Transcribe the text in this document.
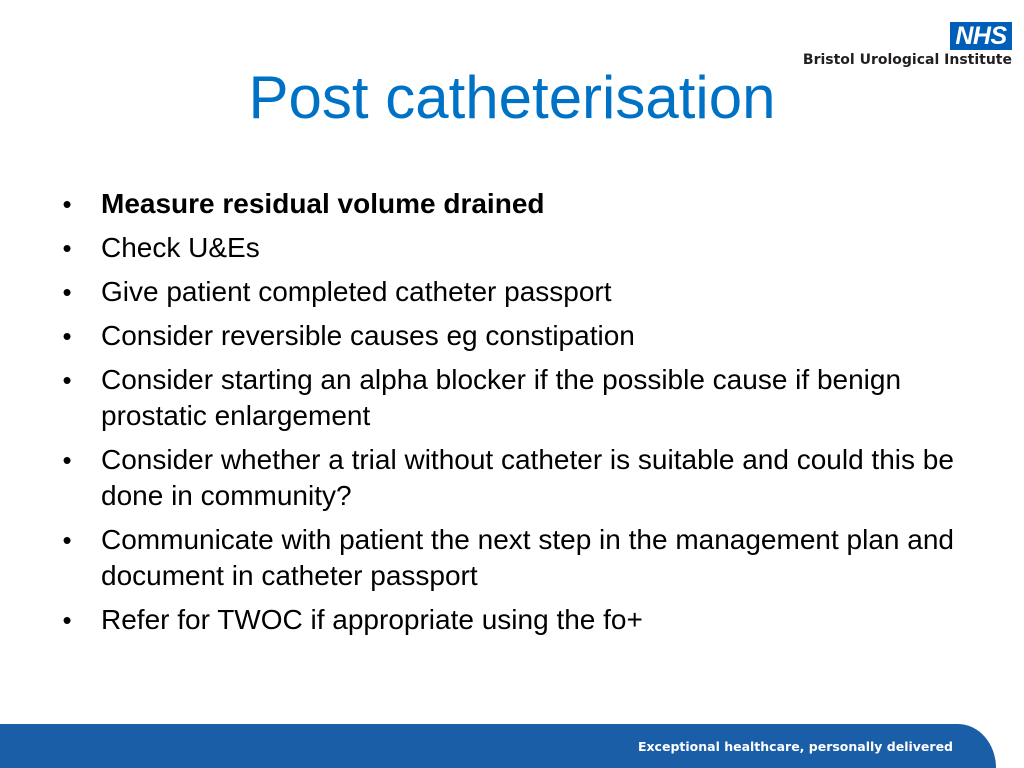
NHS
Bristol Urological Institute
Post catheterisation
• Measure residual volume drained
• Check U&Es
• Give patient completed catheter passport
• Consider reversible causes eg constipation
• Consider starting an alpha blocker if the possible cause if benign prostatic enlargement
• Consider whether a trial without catheter is suitable and could this be done in community?
• Communicate with patient the next step in the management plan and document in catheter passport
• Refer for TWOC if appropriate using the fo+
Exceptional healthcare, personally delivered
